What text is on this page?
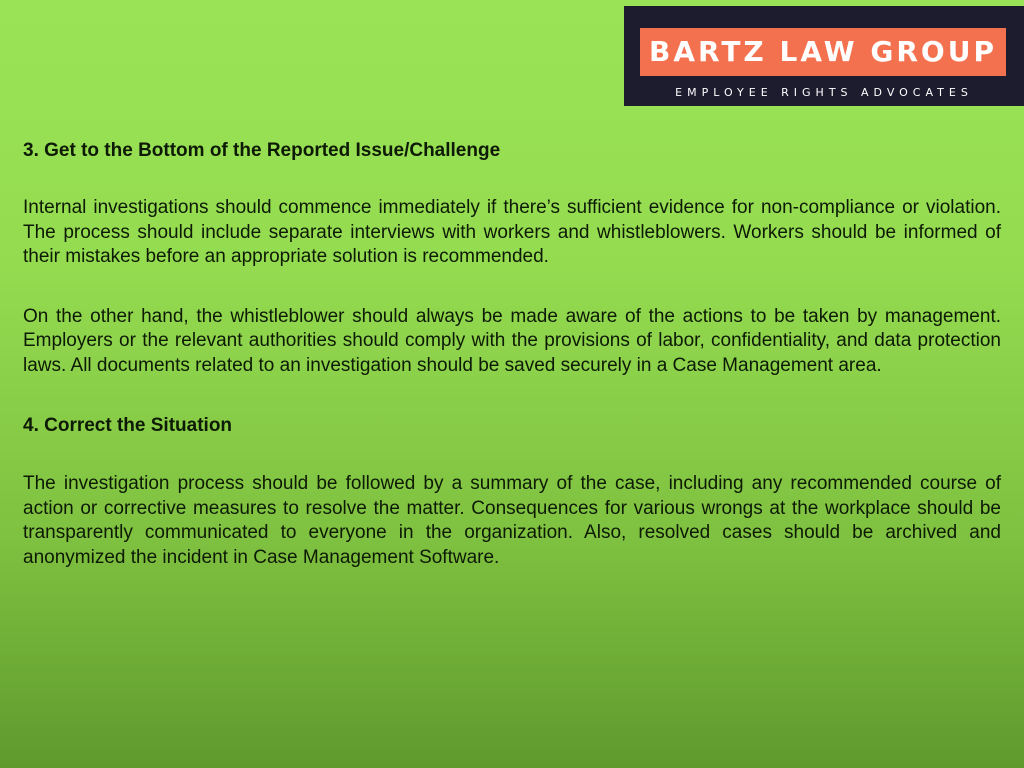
BARTZ LAW GROUP
EMPLOYEE RIGHTS ADVOCATES
3. Get to the Bottom of the Reported Issue/Challenge

Internal investigations should commence immediately if there’s sufficient evidence for non-compliance or violation. The process should include separate interviews with workers and whistleblowers. Workers should be informed of their mistakes before an appropriate solution is recommended.

On the other hand, the whistleblower should always be made aware of the actions to be taken by management. Employers or the relevant authorities should comply with the provisions of labor, confidentiality, and data protection laws. All documents related to an investigation should be saved securely in a Case Management area.

4. Correct the Situation

The investigation process should be followed by a summary of the case, including any recommended course of action or corrective measures to resolve the matter. Consequences for various wrongs at the workplace should be transparently communicated to everyone in the organization. Also, resolved cases should be archived and anonymized the incident in Case Management Software.
